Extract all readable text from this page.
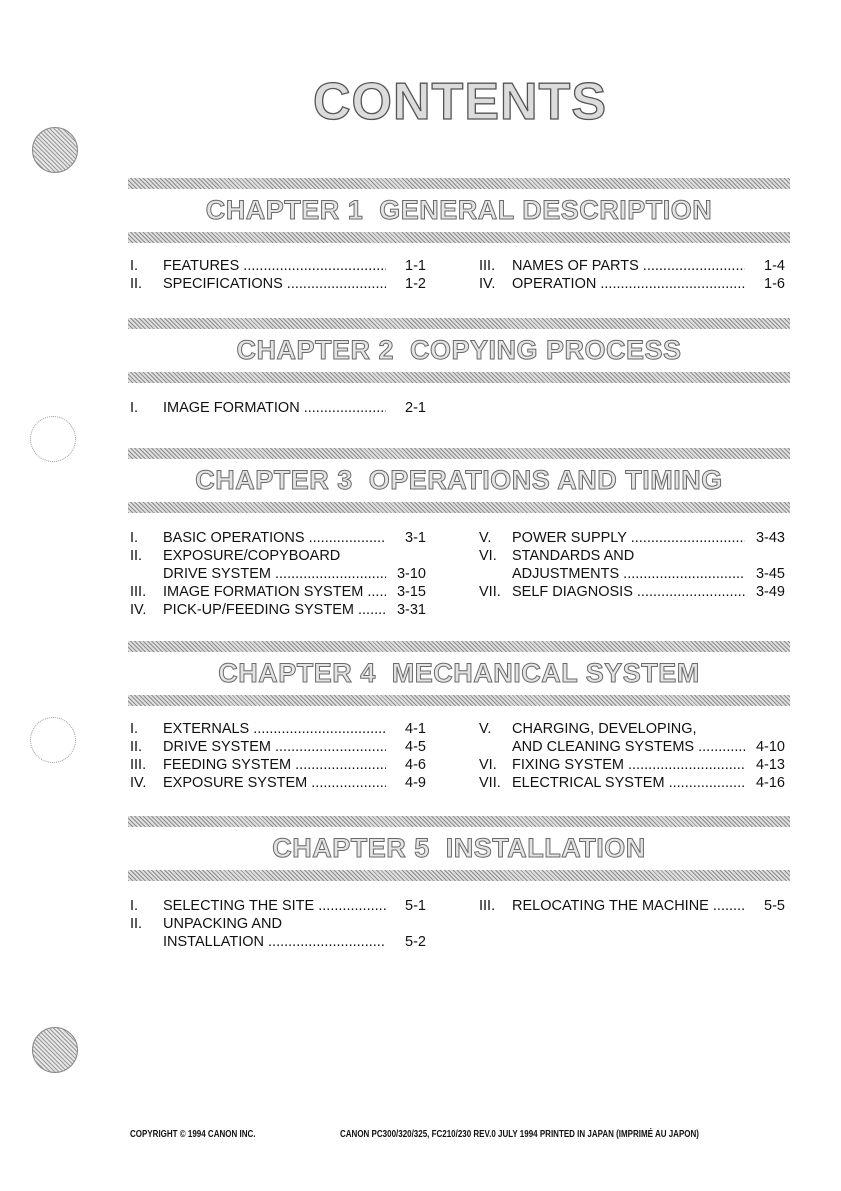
CONTENTS
CHAPTER 1 GENERAL DESCRIPTION
CHAPTER 2 COPYING PROCESS
CHAPTER 3 OPERATIONS AND TIMING
CHAPTER 4 MECHANICAL SYSTEM
CHAPTER 5 INSTALLATION
I.	FEATURES .....	1-1
II.	SPECIFICATIONS .....	1-2
III.	NAMES OF PARTS .....	1-4
IV.	OPERATION .....	1-6
I.	IMAGE FORMATION .....	2-1
I.	BASIC OPERATIONS .....	3-1
II.	EXPOSURE/COPYBOARD
DRIVE SYSTEM .....	3-10
III.	IMAGE FORMATION SYSTEM .....	3-15
IV.	PICK-UP/FEEDING SYSTEM .....	3-31
V.	POWER SUPPLY .....	3-43
VI.	STANDARDS AND
ADJUSTMENTS .....	3-45
VII. SELF DIAGNOSIS .....	3-49
I.	EXTERNALS .....	4-1
II.	DRIVE SYSTEM .....	4-5
III.	FEEDING SYSTEM .....	4-6
IV.	EXPOSURE SYSTEM .....	4-9
V.	CHARGING, DEVELOPING,
AND CLEANING SYSTEMS .....	4-10
VI.	FIXING SYSTEM .....	4-13
VII. ELECTRICAL SYSTEM .....	4-16
I.	SELECTING THE SITE .....	5-1
II.	UNPACKING AND
INSTALLATION .....	5-2
III.	RELOCATING THE MACHINE .....	5-5
COPYRIGHT © 1994 CANON INC.	CANON PC300/320/325, FC210/230 REV.0 JULY 1994 PRINTED IN JAPAN (IMPRIMÉ AU JAPON)
